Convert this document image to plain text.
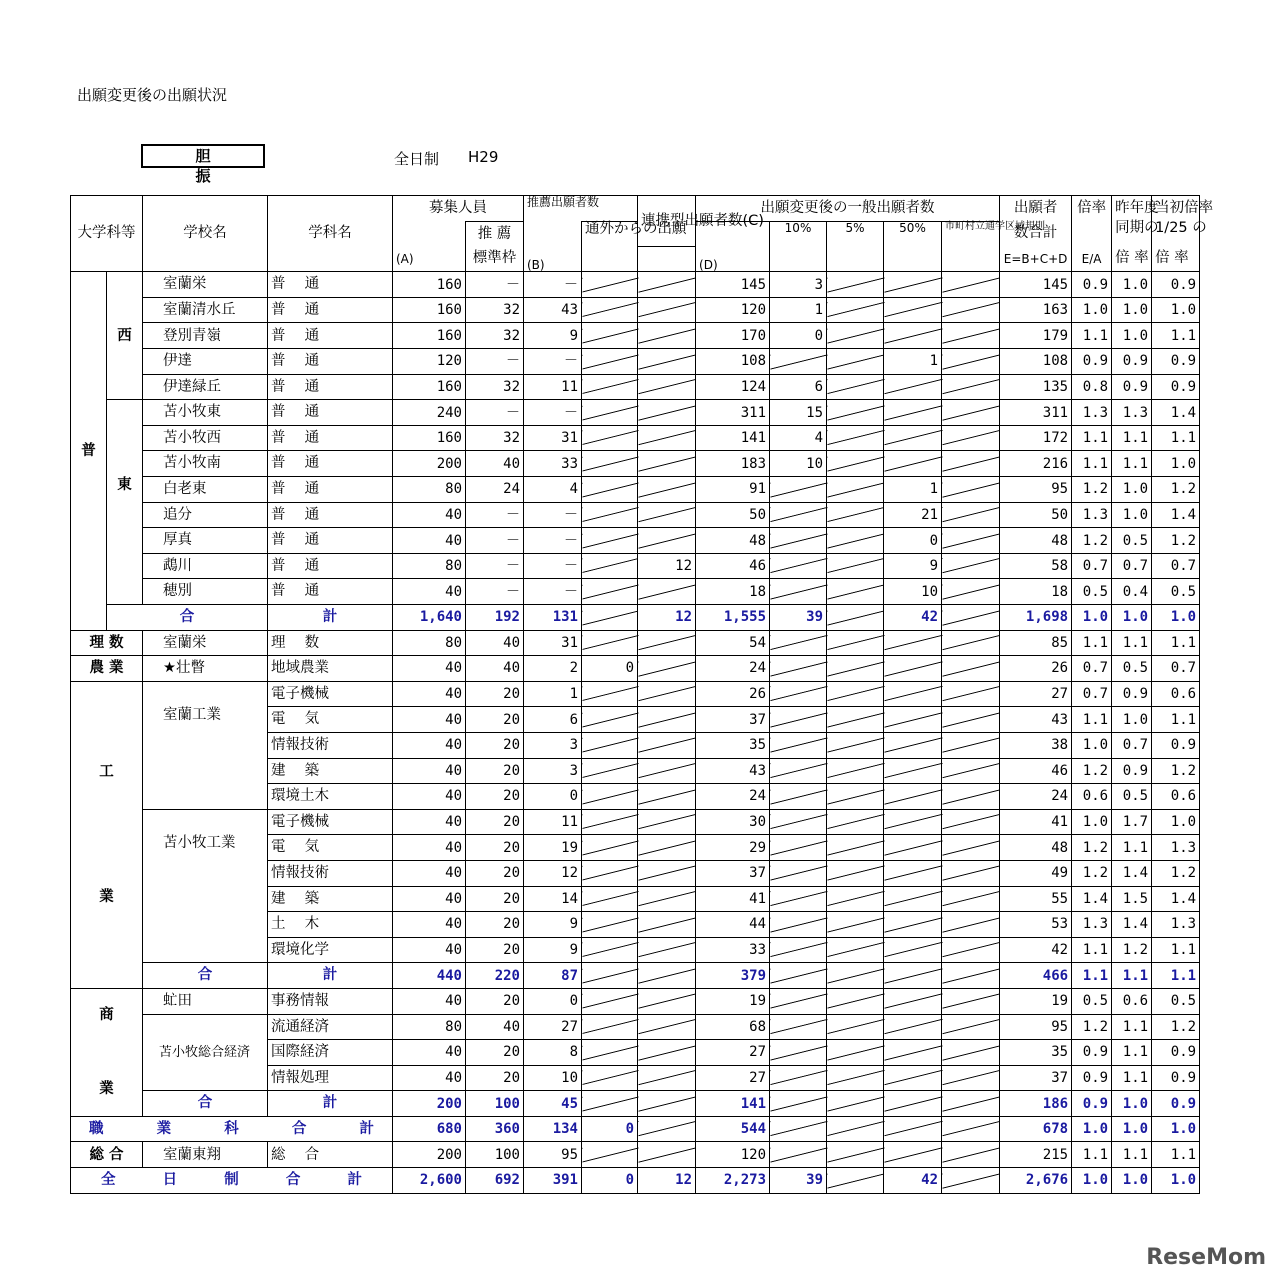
出願変更後の出願状況
胆 振
全日制 H29
大学科等		学校名	学科名	募集人員		推薦出願者数		連携型出願者数(C)	出願変更後の一般出願者数					出願者	倍率	昨年度	当初倍率
					推 薦	(B)	通外からの出願		(D)	10%	5%	50%	市町村立通学区域規則	数合計		同期の	1/25 の
				(A)	標準枠									E=B+C+D	E/A	倍 率	倍 率
普	西	室蘭栄	普　 通	160	－	－			145	3				145	0.9	1.0	0.9
		室蘭清水丘	普　 通	160	32	43			120	1				163	1.0	1.0	1.0
		登別青嶺	普　 通	160	32	9			170	0				179	1.1	1.0	1.1
		伊達	普　 通	120	－	－			108			1		108	0.9	0.9	0.9
		伊達緑丘	普　 通	160	32	11			124	6				135	0.8	0.9	0.9
	東	苫小牧東	普　 通	240	－	－			311	15				311	1.3	1.3	1.4
		苫小牧西	普　 通	160	32	31			141	4				172	1.1	1.1	1.1
		苫小牧南	普　 通	200	40	33			183	10				216	1.1	1.1	1.0
		白老東	普　 通	80	24	4			91			1		95	1.2	1.0	1.2
		追分	普　 通	40	－	－			50			21		50	1.3	1.0	1.4
		厚真	普　 通	40	－	－			48			0		48	1.2	0.5	1.2
		鵡川	普　 通	80	－	－		12	46			9		58	0.7	0.7	0.7
		穂別	普　 通	40	－	－			18			10		18	0.5	0.4	0.5
	合		計	1,640	192	131		12	1,555	39		42		1,698	1.0	1.0	1.0
理 数		室蘭栄	理　 数	80	40	31			54					85	1.1	1.1	1.1
農 業		★壮瞥	地域農業	40	40	2	0		24					26	0.7	0.5	0.7

工
業		室蘭工業	電子機械	40	20	1			26					27	0.7	0.9	0.6
			電　 気	40	20	6			37					43	1.1	1.0	1.1
			情報技術	40	20	3			35					38	1.0	0.7	0.9
			建　 築	40	20	3			43					46	1.2	0.9	1.2
			環境土木	40	20	0			24					24	0.6	0.5	0.6
		苫小牧工業	電子機械	40	20	11			30					41	1.0	1.7	1.0
			電　 気	40	20	19			29					48	1.2	1.1	1.3
			情報技術	40	20	12			37					49	1.2	1.4	1.2
			建　 築	40	20	14			41					55	1.4	1.5	1.4
			土　 木	40	20	9			44					53	1.3	1.4	1.3
			環境化学	40	20	9			33					42	1.1	1.2	1.1
		合	計	440	220	87			379					466	1.1	1.1	1.1

商
業		虻田	事務情報	40	20	0			19					19	0.5	0.6	0.5
		苫小牧総合経済	流通経済	80	40	27			68					95	1.2	1.1	1.2
			国際経済	40	20	8			27					35	0.9	1.1	0.9
			情報処理	40	20	10			27					37	0.9	1.1	0.9
		合	計	200	100	45			141					186	0.9	1.0	0.9

職 業 科 合 計				680	360	134	0		544					678	1.0	1.0	1.0
総 合		室蘭東翔	総　 合	200	100	95			120					215	1.1	1.1	1.1

全 日 制 合 計				2,600	692	391	0	12	2,273	39		42		2,676	1.0	1.0	1.0
ReseMom
